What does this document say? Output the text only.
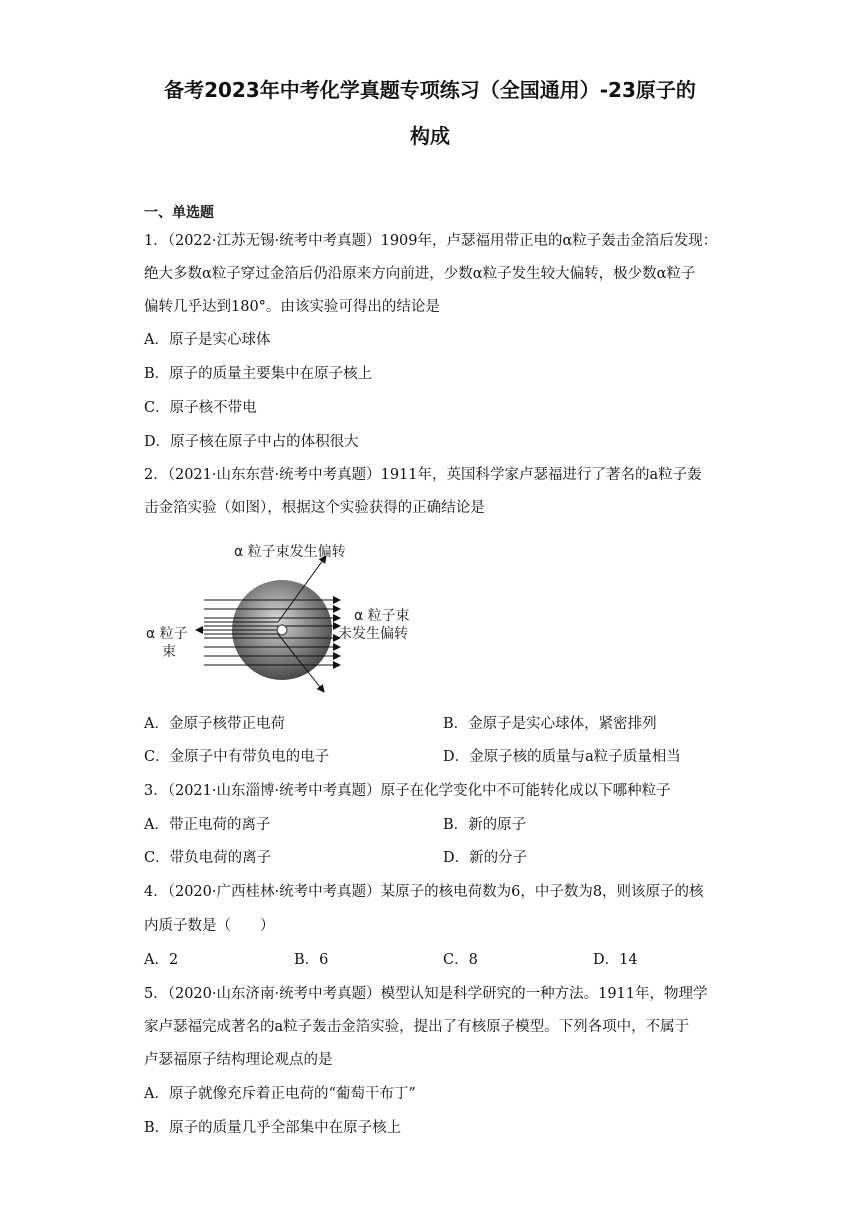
备考2023年中考化学真题专项练习（全国通用）-23原子的
构成
一、单选题
1．（2022·江苏无锡·统考中考真题）1909年，卢瑟福用带正电的α粒子轰击金箔后发现：
绝大多数α粒子穿过金箔后仍沿原来方向前进，少数α粒子发生较大偏转，极少数α粒子
偏转几乎达到180°。由该实验可得出的结论是
A．原子是实心球体
B．原子的质量主要集中在原子核上
C．原子核不带电
D．原子核在原子中占的体积很大
2．（2021·山东东营·统考中考真题）1911年，英国科学家卢瑟福进行了著名的a粒子轰
击金箔实验（如图），根据这个实验获得的正确结论是
α 粒子束发生偏转
α 粒子束
未发生偏转
α 粒子
束
A．金原子核带正电荷	B．金原子是实心球体，紧密排列
C．金原子中有带负电的电子	D．金原子核的质量与a粒子质量相当
3．（2021·山东淄博·统考中考真题）原子在化学变化中不可能转化成以下哪种粒子
A．带正电荷的离子	B．新的原子
C．带负电荷的离子	D．新的分子
4．（2020·广西桂林·统考中考真题）某原子的核电荷数为6，中子数为8，则该原子的核
内质子数是（　　）
A．2	B．6	C．8	D．14
5．（2020·山东济南·统考中考真题）模型认知是科学研究的一种方法。1911年，物理学
家卢瑟福完成著名的a粒子轰击金箔实验，提出了有核原子模型。下列各项中，不属于
卢瑟福原子结构理论观点的是
A．原子就像充斥着正电荷的“葡萄干布丁”
B．原子的质量几乎全部集中在原子核上
